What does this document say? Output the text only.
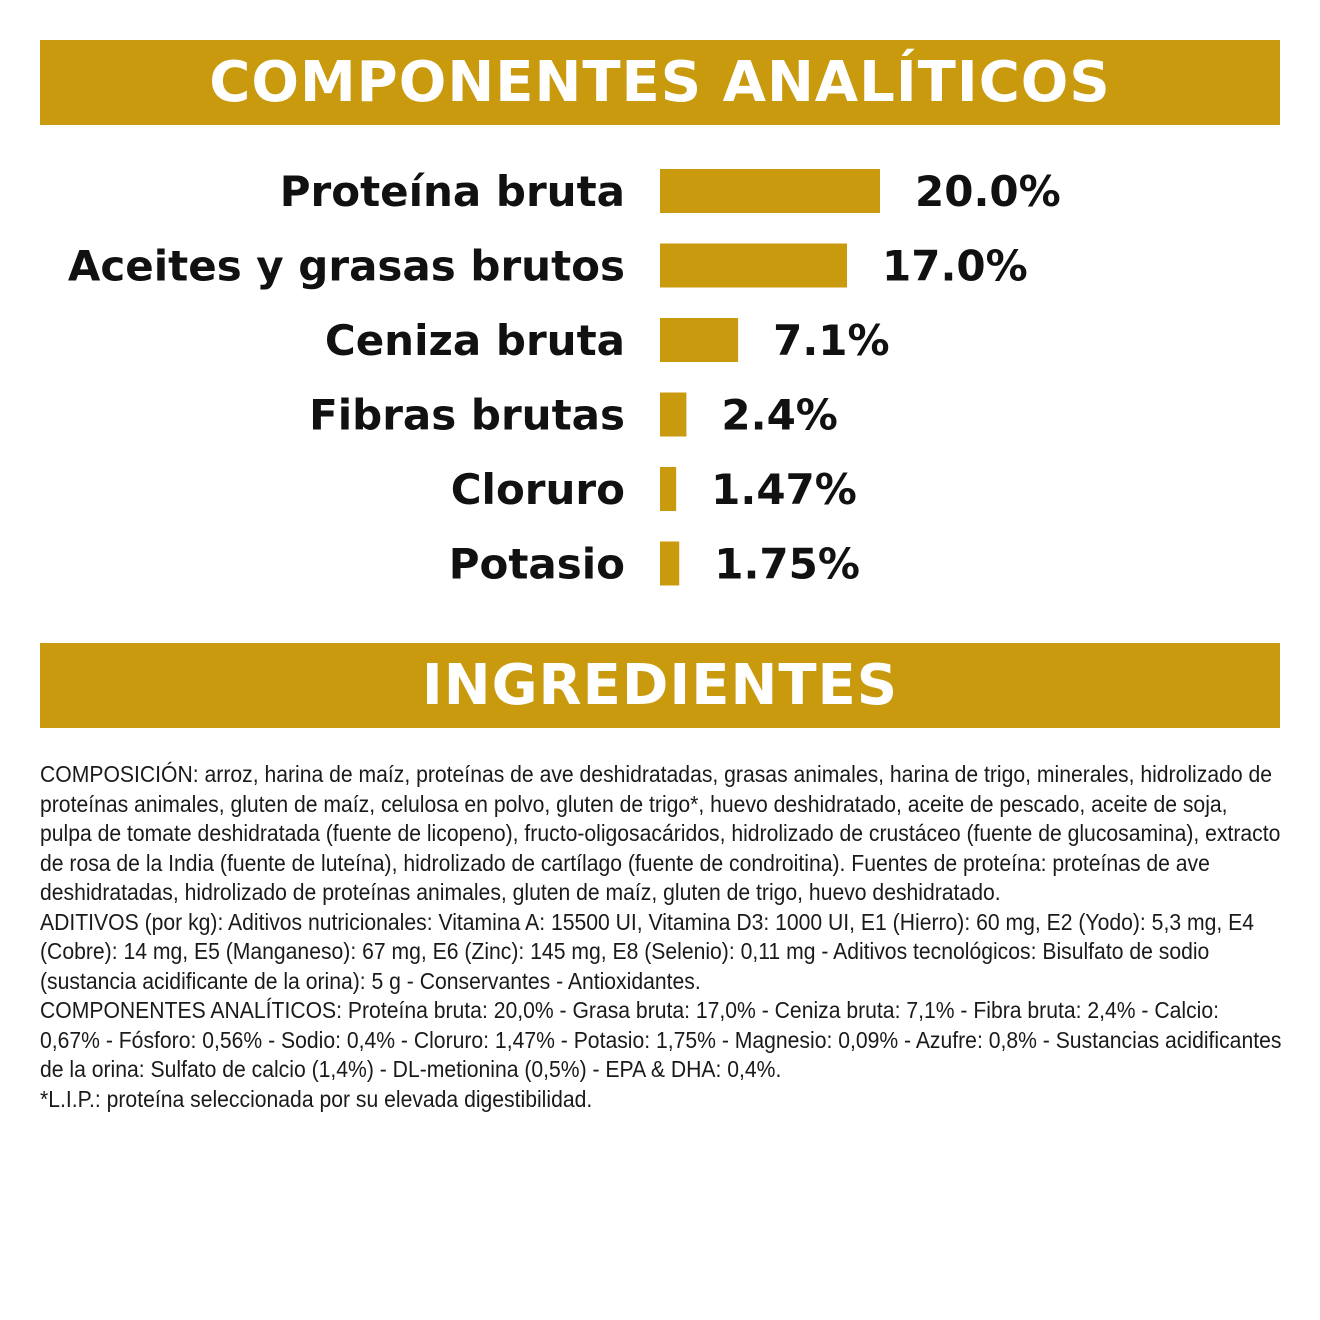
COMPONENTES ANALÍTICOS
Proteína bruta	20.0%
Aceites y grasas brutos	17.0%
Ceniza bruta	7.1%
Fibras brutas 2.4%
Cloruro 1.47%
Potasio 1.75%
INGREDIENTES

COMPOSICIÓN: arroz, harina de maíz, proteínas de ave deshidratadas, grasas animales, harina de trigo, minerales, hidrolizado de proteínas animales, gluten de maíz, celulosa en polvo, gluten de trigo*, huevo deshidratado, aceite de pescado, aceite de soja, pulpa de tomate deshidratada (fuente de licopeno), fructo-oligosacáridos, hidrolizado de crustáceo (fuente de glucosamina), extracto de rosa de la India (fuente de luteína), hidrolizado de cartílago (fuente de condroitina). Fuentes de proteína: proteínas de ave deshidratadas, hidrolizado de proteínas animales, gluten de maíz, gluten de trigo, huevo deshidratado.

ADITIVOS (por kg): Aditivos nutricionales: Vitamina A: 15500 UI, Vitamina D3: 1000 UI, E1 (Hierro): 60 mg, E2 (Yodo): 5,3 mg, E4 (Cobre): 14 mg, E5 (Manganeso): 67 mg, E6 (Zinc): 145 mg, E8 (Selenio): 0,11 mg - Aditivos tecnológicos: Bisulfato de sodio (sustancia acidificante de la orina): 5 g - Conservantes - Antioxidantes.

COMPONENTES ANALÍTICOS: Proteína bruta: 20,0% - Grasa bruta: 17,0% - Ceniza bruta: 7,1% - Fibra bruta: 2,4% - Calcio: 0,67% - Fósforo: 0,56% - Sodio: 0,4% - Cloruro: 1,47% - Potasio: 1,75% - Magnesio: 0,09% - Azufre: 0,8% - Sustancias acidificantes de la orina: Sulfato de calcio (1,4%) - DL-metionina (0,5%) - EPA & DHA: 0,4%.

*L.I.P.: proteína seleccionada por su elevada digestibilidad.
